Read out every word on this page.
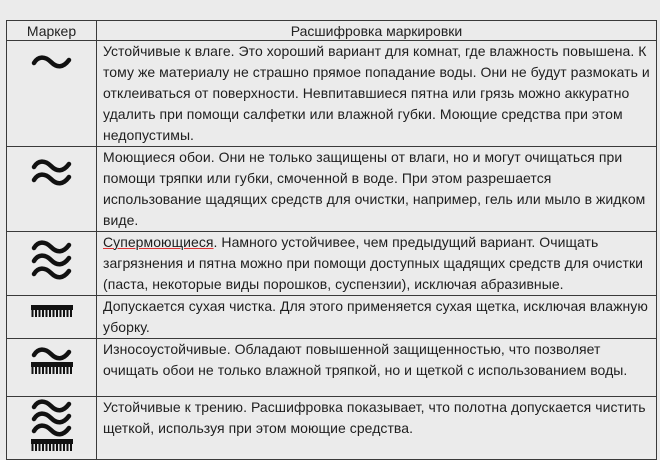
Маркер	Расшифровка маркировки

	Устойчивые к влаге. Это хороший вариант для комнат, где влажность повышена. К тому же материалу не страшно прямое попадание воды. Они не будут размокать и отклеиваться от поверхности. Невпитавшиеся пятна или грязь можно аккуратно удалить при помощи салфетки или влажной губки. Моющие средства при этом недопустимы.

	Моющиеся обои. Они не только защищены от влаги, но и могут очищаться при помощи тряпки или губки, смоченной в воде. При этом разрешается использование щадящих средств для очистки, например, гель или мыло в жидком виде.

	Супермоющиеся. Намного устойчивее, чем предыдущий вариант. Очищать загрязнения и пятна можно при помощи доступных щадящих средств для очистки (паста, некоторые виды порошков, суспензии), исключая абразивные.

	Допускается сухая чистка. Для этого применяется сухая щетка, исключая влажную уборку.

	Износоустойчивые. Обладают повышенной защищенностью, что позволяет очищать обои не только влажной тряпкой, но и щеткой с использованием воды.

	Устойчивые к трению. Расшифровка показывает, что полотна допускается чистить щеткой, используя при этом моющие средства.
